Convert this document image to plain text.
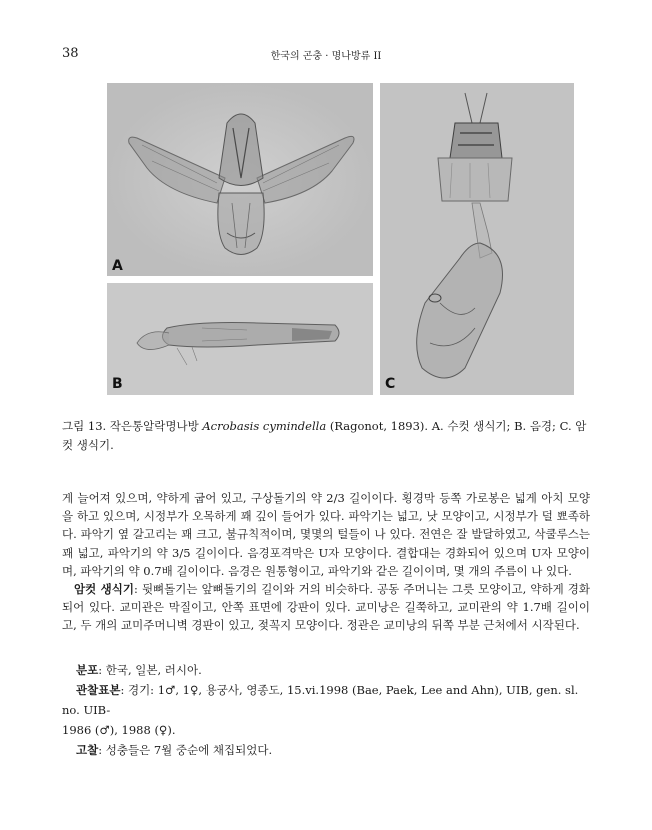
38	한국의 곤충 · 명나방류 II
A
B	C
그림 13. 작은통알락명나방 Acrobasis cymindella (Ragonot, 1893). A. 수컷 생식기; B. 음경; C. 암컷 생식기.

게 늘어져 있으며, 약하게 굽어 있고, 구상돌기의 약 2/3 길이이다. 횡경막 등쪽 가로봉은 넓게 아치 모양을 하고 있으며, 시정부가 오목하게 꽤 깊이 들어가 있다. 파악기는 넓고, 낫 모양이고, 시정부가 덜 뾰족하다. 파악기 옆 갈고리는 꽤 크고, 불규칙적이며, 몇몇의 털들이 나 있다. 전연은 잘 발달하였고, 삭쿨루스는 꽤 넓고, 파악기의 약 3/5 길이이다. 음경포격막은 U자 모양이다. 결합대는 경화되어 있으며 U자 모양이며, 파악기의 약 0.7배 길이이다. 음경은 원통형이고, 파악기와 같은 길이이며, 몇 개의 주름이 나 있다.

암컷 생식기: 뒷뼈돌기는 앞뼈돌기의 길이와 거의 비슷하다. 공동 주머니는 그릇 모양이고, 약하게 경화되어 있다. 교미관은 막질이고, 안쪽 표면에 강판이 있다. 교미낭은 길쭉하고, 교미관의 약 1.7배 길이이고, 두 개의 교미주머니벽 경판이 있고, 젖꼭지 모양이다. 정관은 교미낭의 뒤쪽 부분 근처에서 시작된다.

분포: 한국, 일본, 러시아.

관찰표본: 경기: 1♂, 1♀, 용궁사, 영종도, 15.vi.1998 (Bae, Paek, Lee and Ahn), UIB, gen. sl. no. UIB-

1986 (♂), 1988 (♀).

고찰: 성충들은 7월 중순에 채집되었다.
